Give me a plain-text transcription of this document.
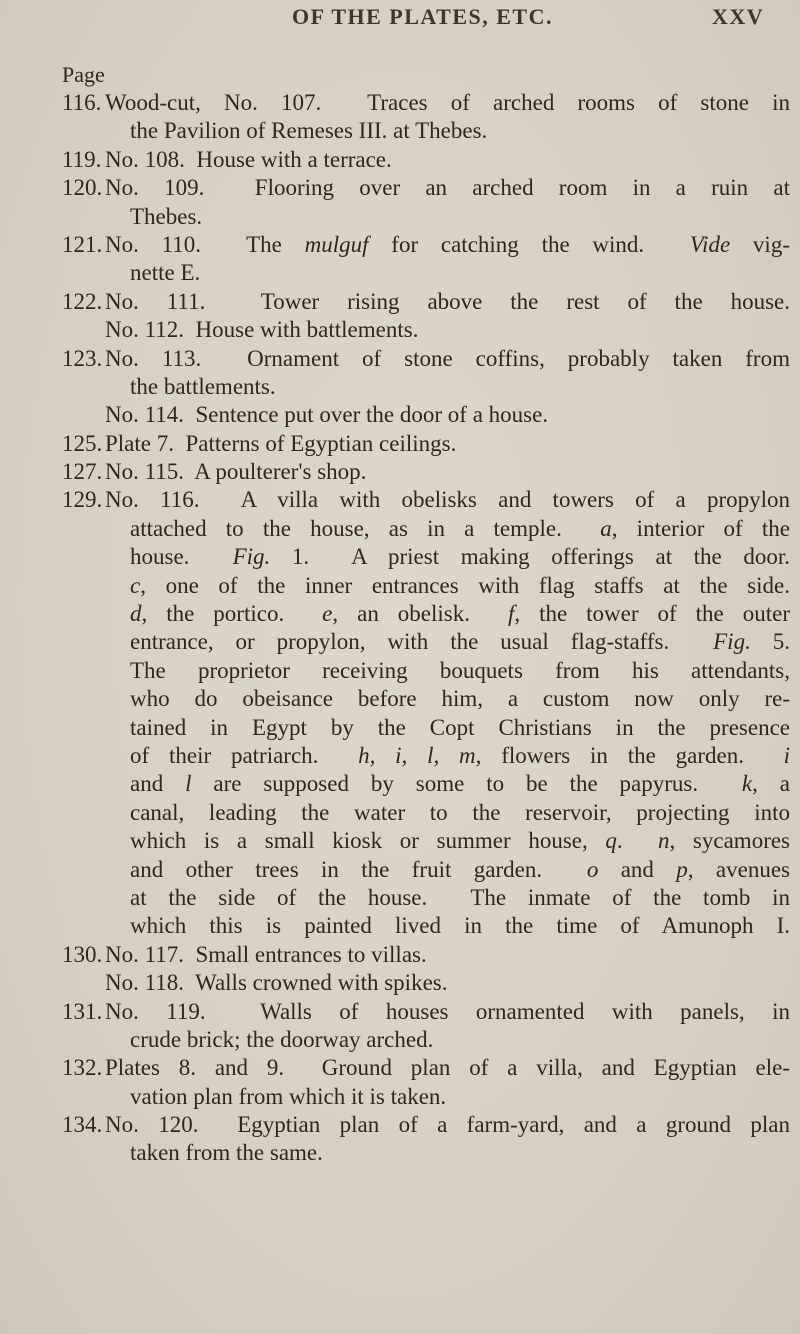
OF THE PLATES, ETC.	XXV
Page
116. Wood-cut, No. 107.  Traces of arched rooms of stone in
the Pavilion of Remeses III. at Thebes.
119. No. 108.  House with a terrace.
120. No. 109.  Flooring over an arched room in a ruin at
Thebes.
121. No. 110.  The mulguf for catching the wind.  Vide vig-
nette E.
122. No. 111.  Tower rising above the rest of the house.
No. 112.  House with battlements.
123. No. 113.  Ornament of stone coffins, probably taken from
the battlements.
No. 114.  Sentence put over the door of a house.
125. Plate 7.  Patterns of Egyptian ceilings.
127. No. 115.  A poulterer's shop.
129. No. 116.  A villa with obelisks and towers of a propylon
attached to the house, as in a temple.  a, interior of the
house.  Fig. 1.  A priest making offerings at the door.
c, one of the inner entrances with flag staffs at the side.
d, the portico.  e, an obelisk.  f, the tower of the outer
entrance, or propylon, with the usual flag-staffs.  Fig. 5.
The proprietor receiving bouquets from his attendants,
who do obeisance before him, a custom now only re-
tained in Egypt by the Copt Christians in the presence
of their patriarch.  h, i, l, m, flowers in the garden.  i
and l are supposed by some to be the papyrus.  k, a
canal, leading the water to the reservoir, projecting into
which is a small kiosk or summer house, q.  n, sycamores
and other trees in the fruit garden.  o and p, avenues
at the side of the house.  The inmate of the tomb in
which this is painted lived in the time of Amunoph I.
130. No. 117.  Small entrances to villas.
No. 118.  Walls crowned with spikes.
131. No. 119.  Walls of houses ornamented with panels, in
crude brick; the doorway arched.
132. Plates 8. and 9.  Ground plan of a villa, and Egyptian ele-
vation plan from which it is taken.
134. No. 120.  Egyptian plan of a farm-yard, and a ground plan
taken from the same.
